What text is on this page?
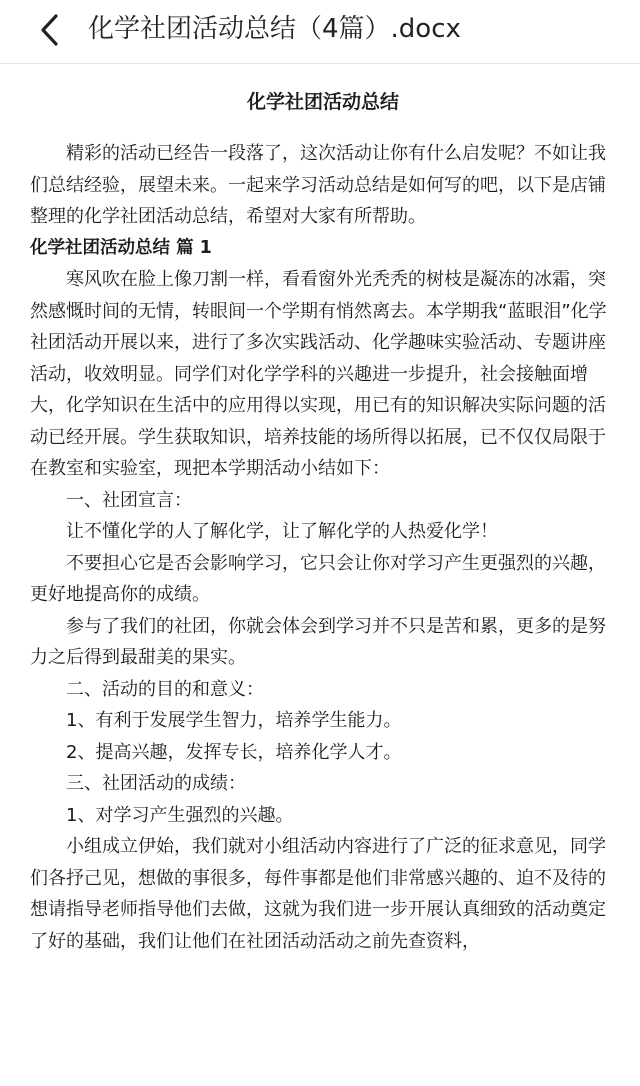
化学社团活动总结（4篇）.docx
化学社团活动总结

精彩的活动已经告一段落了，这次活动让你有什么启发呢？不如让我们总结经验，展望未来。一起来学习活动总结是如何写的吧，以下是店铺整理的化学社团活动总结，希望对大家有所帮助。

化学社团活动总结 篇 1

寒风吹在脸上像刀割一样，看看窗外光秃秃的树枝是凝冻的冰霜，突然感慨时间的无情，转眼间一个学期有悄然离去。本学期我“蓝眼泪”化学社团活动开展以来，进行了多次实践活动、化学趣味实验活动、专题讲座活动，收效明显。同学们对化学学科的兴趣进一步提升，社会接触面增大，化学知识在生活中的应用得以实现，用已有的知识解决实际问题的活动已经开展。学生获取知识，培养技能的场所得以拓展，已不仅仅局限于在教室和实验室，现把本学期活动小结如下：

一、社团宣言：

让不懂化学的人了解化学，让了解化学的人热爱化学！

不要担心它是否会影响学习，它只会让你对学习产生更强烈的兴趣，更好地提高你的成绩。

参与了我们的社团，你就会体会到学习并不只是苦和累，更多的是努力之后得到最甜美的果实。

二、活动的目的和意义：

1、有利于发展学生智力，培养学生能力。

2、提高兴趣，发挥专长，培养化学人才。

三、社团活动的成绩：

1、对学习产生强烈的兴趣。

小组成立伊始，我们就对小组活动内容进行了广泛的征求意见，同学们各抒己见，想做的事很多，每件事都是他们非常感兴趣的、迫不及待的想请指导老师指导他们去做，这就为我们进一步开展认真细致的活动奠定了好的基础，我们让他们在社团活动活动之前先查资料，
